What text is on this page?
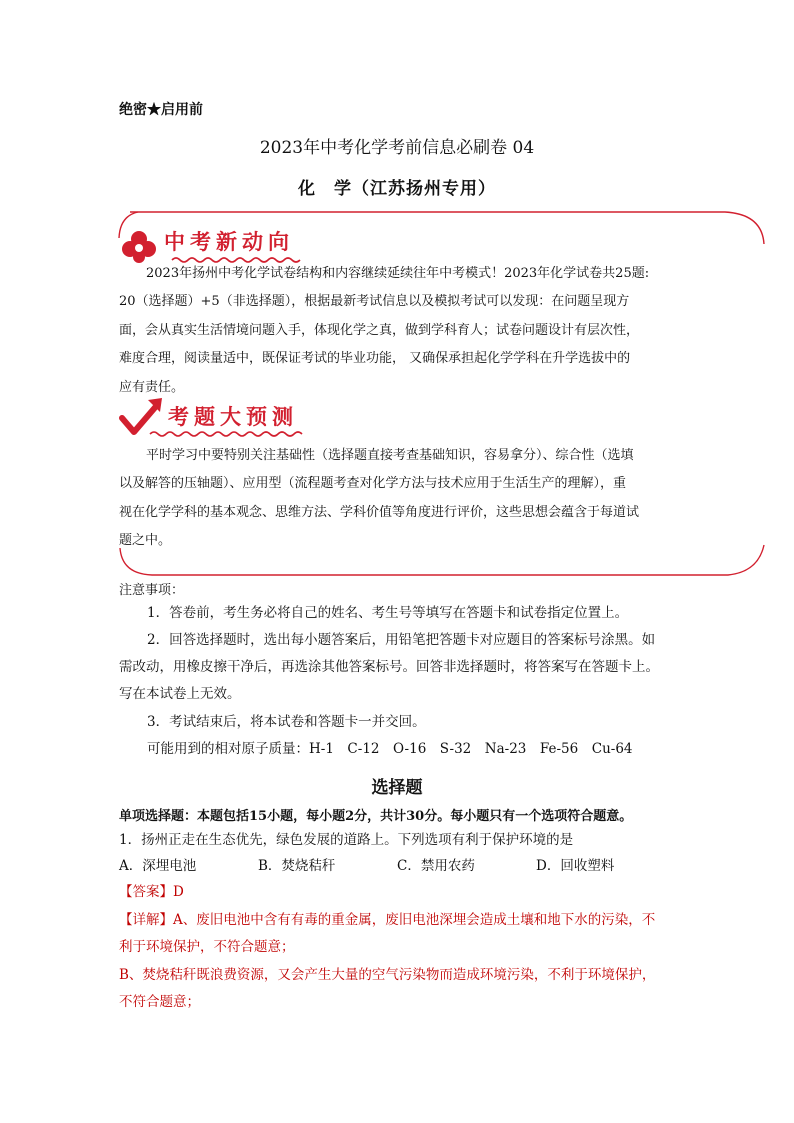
绝密★启用前
2023年中考化学考前信息必刷卷 04
化　学（江苏扬州专用）
中考新动向
2023年扬州中考化学试卷结构和内容继续延续往年中考模式！2023年化学试卷共25题:
20（选择题）+5（非选择题），根据最新考试信息以及模拟考试可以发现：在问题呈现方
面，会从真实生活情境问题入手，体现化学之真，做到学科育人；试卷问题设计有层次性，
难度合理，阅读量适中，既保证考试的毕业功能， 又确保承担起化学学科在升学选拔中的
应有责任。
考题大预测
平时学习中要特别关注基础性（选择题直接考查基础知识，容易拿分）、综合性（选填
以及解答的压轴题）、应用型（流程题考查对化学方法与技术应用于生活生产的理解），重
视在化学学科的基本观念、思维方法、学科价值等角度进行评价，这些思想会蕴含于每道试
题之中。
注意事项：
1．答卷前，考生务必将自己的姓名、考生号等填写在答题卡和试卷指定位置上。
2．回答选择题时，选出每小题答案后，用铅笔把答题卡对应题目的答案标号涂黑。如
需改动，用橡皮擦干净后，再选涂其他答案标号。回答非选择题时，将答案写在答题卡上。
写在本试卷上无效。
3．考试结束后，将本试卷和答题卡一并交回。
可能用到的相对原子质量：H-1　C-12　O-16　S-32　Na-23　Fe-56　Cu-64
选择题
单项选择题：本题包括15小题，每小题2分，共计30分。每小题只有一个选项符合题意。
1．扬州正走在生态优先，绿色发展的道路上。下列选项有利于保护环境的是
A．深埋电池	B．焚烧秸秆	C．禁用农药	D．回收塑料
【答案】D
【详解】A、废旧电池中含有有毒的重金属，废旧电池深埋会造成土壤和地下水的污染，不
利于环境保护，不符合题意；
B、焚烧秸秆既浪费资源，又会产生大量的空气污染物而造成环境污染，不利于环境保护，
不符合题意；
